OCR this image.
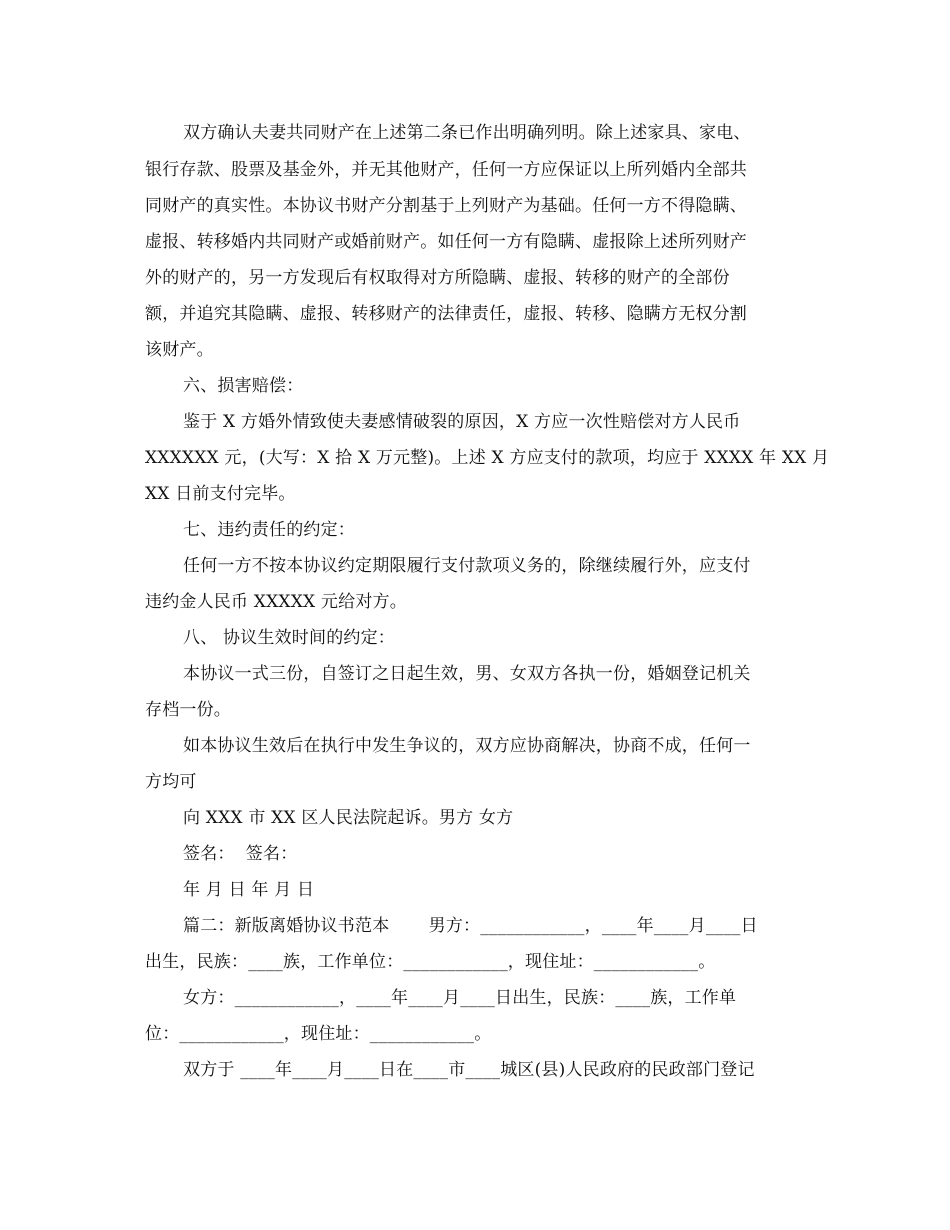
双方确认夫妻共同财产在上述第二条已作出明确列明。除上述家具、家电、
银行存款、股票及基金外，并无其他财产，任何一方应保证以上所列婚内全部共
同财产的真实性。本协议书财产分割基于上列财产为基础。任何一方不得隐瞒、
虚报、转移婚内共同财产或婚前财产。如任何一方有隐瞒、虚报除上述所列财产
外的财产的，另一方发现后有权取得对方所隐瞒、虚报、转移的财产的全部份
额，并追究其隐瞒、虚报、转移财产的法律责任，虚报、转移、隐瞒方无权分割
该财产。
六、损害赔偿：
鉴于 X 方婚外情致使夫妻感情破裂的原因，X 方应一次性赔偿对方人民币
XXXXXX 元，(大写：X 拾 X 万元整)。上述 X 方应支付的款项，均应于 XXXX 年 XX 月
XX 日前支付完毕。
七、违约责任的约定：
任何一方不按本协议约定期限履行支付款项义务的，除继续履行外，应支付
违约金人民币 XXXXX 元给对方。
八、 协议生效时间的约定：
本协议一式三份，自签订之日起生效，男、女双方各执一份，婚姻登记机关
存档一份。
如本协议生效后在执行中发生争议的，双方应协商解决，协商不成，任何一
方均可
向 XXX 市 XX 区人民法院起诉。男方 女方
签名：  签名：
年 月 日 年 月 日
篇二：新版离婚协议书范本       男方：____________，____年____月____日
出生，民族：____族，工作单位：____________，现住址：____________。
女方：____________，____年____月____日出生，民族：____族，工作单
位：____________，现住址：____________。
双方于 ____年____月____日在____市____城区(县)人民政府的民政部门登记
